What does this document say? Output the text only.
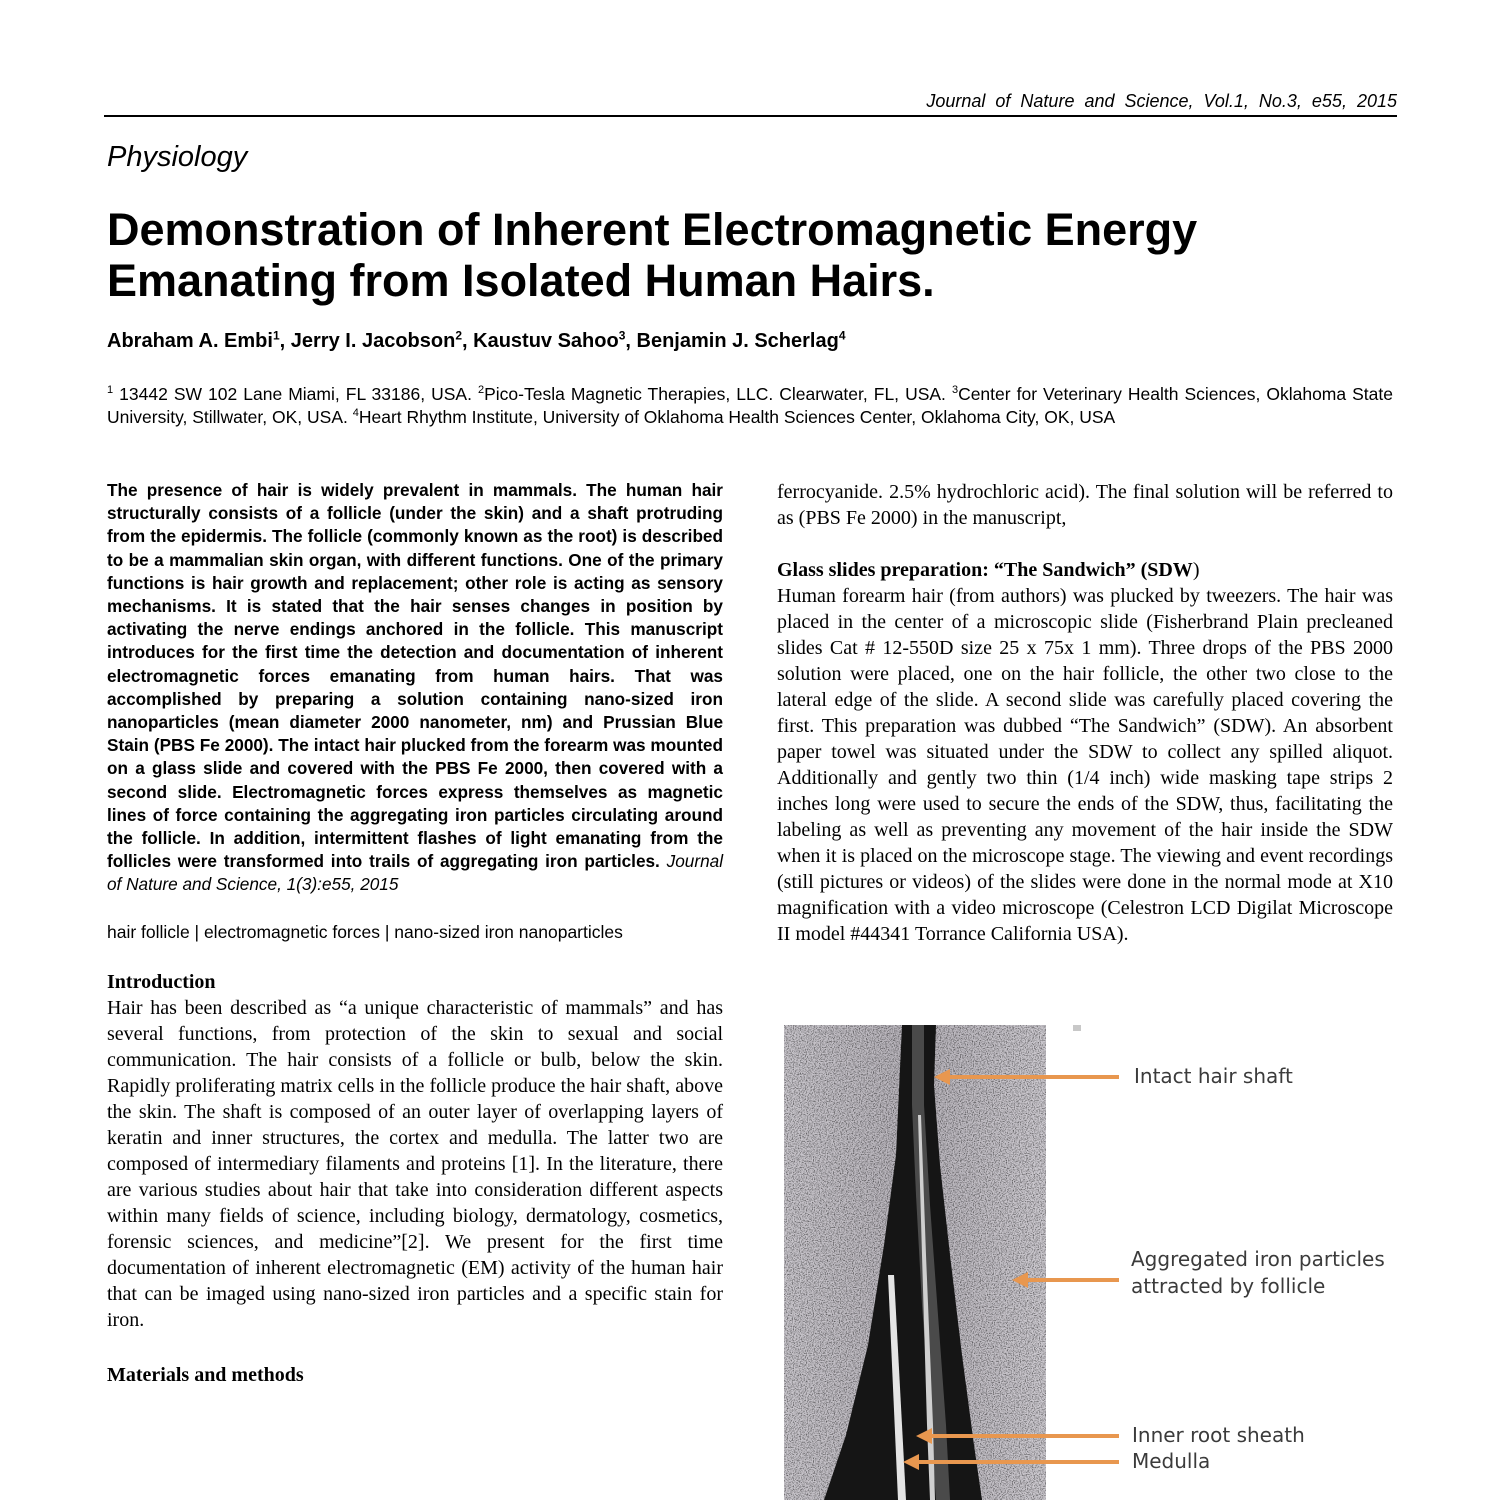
Journal of Nature and Science, Vol.1, No.3, e55, 2015
Physiology
Demonstration of Inherent Electromagnetic Energy
Emanating from Isolated Human Hairs.
Abraham A. Embi$^1$, Jerry I. Jacobson$^2$, Kaustuv Sahoo$^3$, Benjamin J. Scherlag$^4$
$^1$ 13442 SW 102 Lane Miami, FL 33186, USA. $^2$Pico-Tesla Magnetic Therapies, LLC. Clearwater, FL, USA. $^3$Center for Veterinary Health Sciences, Oklahoma State University, Stillwater, OK, USA. $^4$Heart Rhythm Institute, University of Oklahoma Health Sciences Center, Oklahoma City, OK, USA

The presence of hair is widely prevalent in mammals. The human hair structurally consists of a follicle (under the skin) and a shaft protruding from the epidermis. The follicle (commonly known as the root) is described to be a mammalian skin organ, with different functions. One of the primary functions is hair growth and replacement; other role is acting as sensory mechanisms. It is stated that the hair senses changes in position by activating the nerve endings anchored in the follicle. This manuscript introduces for the first time the detection and documentation of inherent electromagnetic forces emanating from human hairs. That was accomplished by preparing a solution containing nano-sized iron nanoparticles (mean diameter 2000 nanometer, nm) and Prussian Blue Stain (PBS Fe 2000). The intact hair plucked from the forearm was mounted on a glass slide and covered with the PBS Fe 2000, then covered with a second slide. Electromagnetic forces express themselves as magnetic lines of force containing the aggregating iron particles circulating around the follicle. In addition, intermittent flashes of light emanating from the follicles were transformed into trails of aggregating iron particles. Journal of Nature and Science, 1(3):e55, 2015

hair follicle | electromagnetic forces | nano-sized iron nanoparticles

Introduction

Hair has been described as “a unique characteristic of mammals” and has several functions, from protection of the skin to sexual and social communication. The hair consists of a follicle or bulb, below the skin. Rapidly proliferating matrix cells in the follicle produce the hair shaft, above the skin. The shaft is composed of an outer layer of overlapping layers of keratin and inner structures, the cortex and medulla. The latter two are composed of intermediary filaments and proteins [1]. In the literature, there are various studies about hair that take into consideration different aspects within many fields of science, including biology, dermatology, cosmetics, forensic sciences, and medicine”[2]. We present for the first time documentation of inherent electromagnetic (EM) activity of the human hair that can be imaged using nano-sized iron particles and a specific stain for iron.

Materials and methods

ferrocyanide. 2.5% hydrochloric acid). The final solution will be referred to as (PBS Fe 2000) in the manuscript,

Glass slides preparation: “The Sandwich” (SDW)

Human forearm hair (from authors) was plucked by tweezers. The hair was placed in the center of a microscopic slide (Fisherbrand Plain precleaned slides Cat # 12-550D size 25 x 75x 1 mm). Three drops of the PBS 2000 solution were placed, one on the hair follicle, the other two close to the lateral edge of the slide. A second slide was carefully placed covering the first. This preparation was dubbed “The Sandwich” (SDW). An absorbent paper towel was situated under the SDW to collect any spilled aliquot. Additionally and gently two thin (1/4 inch) wide masking tape strips 2 inches long were used to secure the ends of the SDW, thus, facilitating the labeling as well as preventing any movement of the hair inside the SDW when it is placed on the microscope stage. The viewing and event recordings (still pictures or videos) of the slides were done in the normal mode at X10 magnification with a video microscope (Celestron LCD Digilat Microscope II model #44341 Torrance California USA).

Intact hair shaft
Aggregated iron particles
attracted by follicle
Inner root sheath
Medulla
